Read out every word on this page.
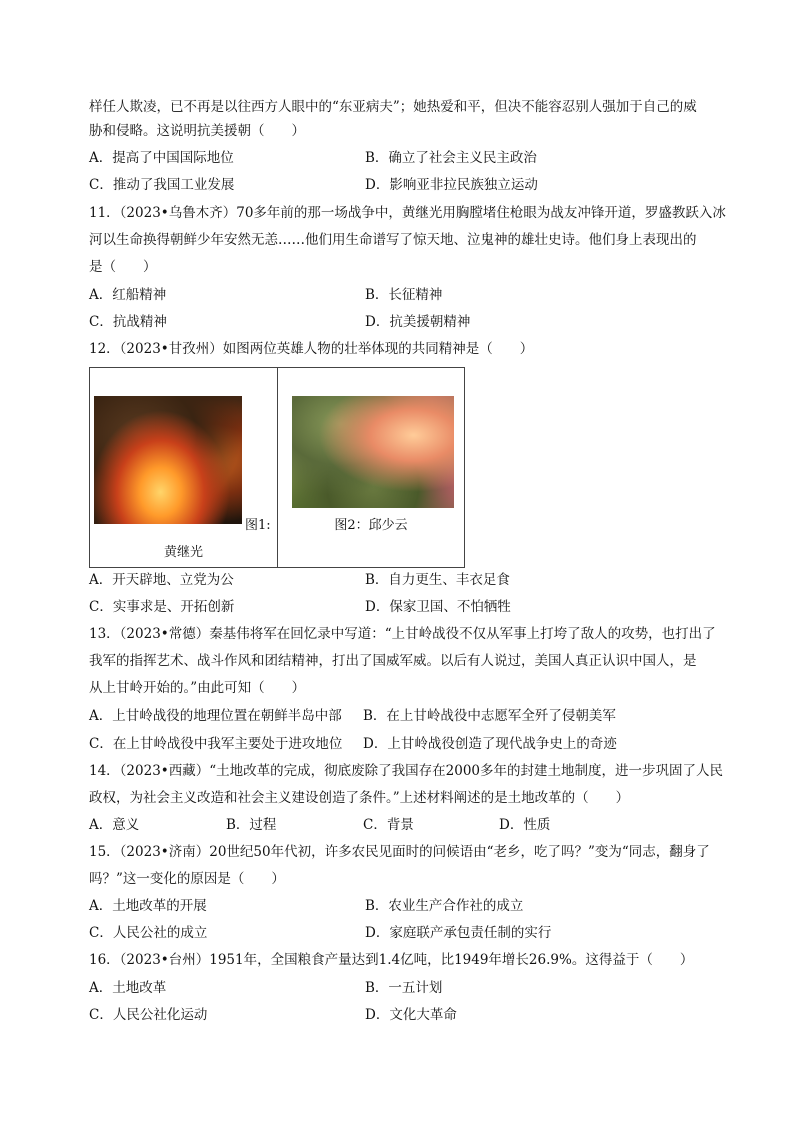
样任人欺凌，已不再是以往西方人眼中的“东亚病夫”；她热爱和平，但决不能容忍别人强加于自己的威
胁和侵略。这说明抗美援朝（　　）
A．提高了中国国际地位	B．确立了社会主义民主政治
C．推动了我国工业发展	D．影响亚非拉民族独立运动
11．（2023•乌鲁木齐）70多年前的那一场战争中，黄继光用胸膛堵住枪眼为战友冲锋开道，罗盛教跃入冰
河以生命换得朝鲜少年安然无恙……他们用生命谱写了惊天地、泣鬼神的雄壮史诗。他们身上表现出的
是（　　）
A．红船精神	B．长征精神
C．抗战精神	D．抗美援朝精神
12．（2023•甘孜州）如图两位英雄人物的壮举体现的共同精神是（　　）
图1:
黄继光
图2：邱少云
A．开天辟地、立党为公	B．自力更生、丰衣足食
C．实事求是、开拓创新	D．保家卫国、不怕牺牲
13．（2023•常德）秦基伟将军在回忆录中写道：“上甘岭战役不仅从军事上打垮了敌人的攻势，也打出了
我军的指挥艺术、战斗作风和团结精神，打出了国威军威。以后有人说过，美国人真正认识中国人，是
从上甘岭开始的。”由此可知（　　）
A．上甘岭战役的地理位置在朝鲜半岛中部 B．在上甘岭战役中志愿军全歼了侵朝美军
C．在上甘岭战役中我军主要处于进攻地位 D．上甘岭战役创造了现代战争史上的奇迹
14．（2023•西藏）“土地改革的完成，彻底废除了我国存在2000多年的封建土地制度，进一步巩固了人民
政权，为社会主义改造和社会主义建设创造了条件。”上述材料阐述的是土地改革的（　　）
A．意义	B．过程	C．背景	D．性质
15．（2023•济南）20世纪50年代初，许多农民见面时的问候语由“老乡，吃了吗？”变为“同志，翻身了
吗？”这一变化的原因是（　　）
A．土地改革的开展	B．农业生产合作社的成立
C．人民公社的成立	D．家庭联产承包责任制的实行
16．（2023•台州）1951年，全国粮食产量达到1.4亿吨，比1949年增长26.9%。这得益于（　　）
A．土地改革	B．一五计划
C．人民公社化运动	D．文化大革命
